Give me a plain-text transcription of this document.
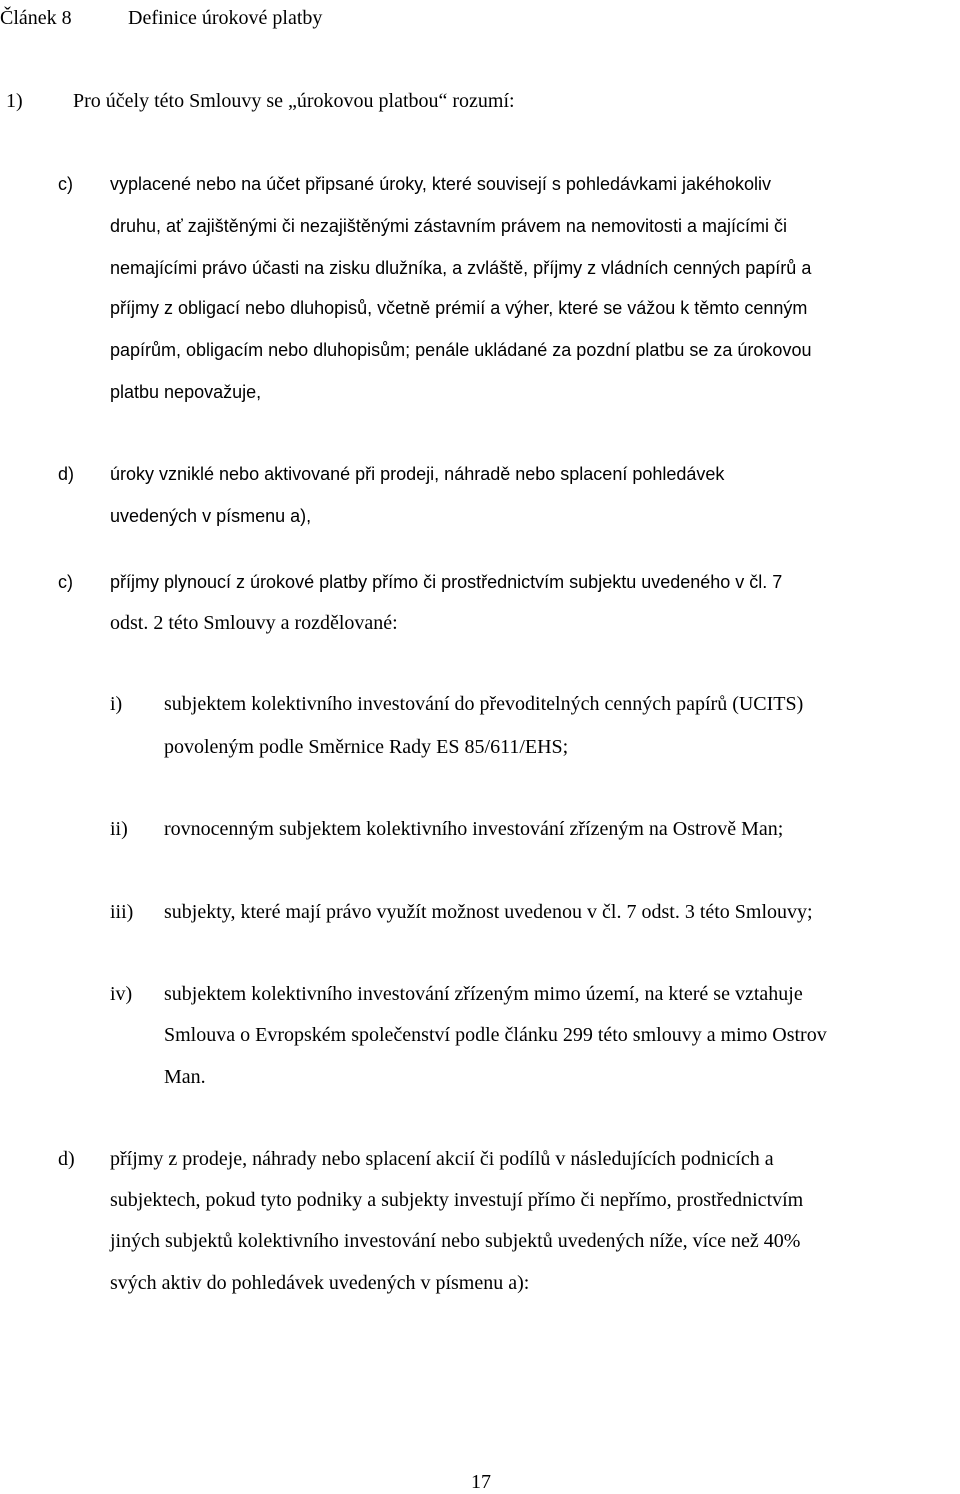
Článek 8	Definice úrokové platby
1)	Pro účely této Smlouvy se „úrokovou platbou“ rozumí:
c) vyplacené nebo na účet připsané úroky, které souvisejí s pohledávkami jakéhokoliv
druhu, ať zajištěnými či nezajištěnými zástavním právem na nemovitosti a majícími či
nemajícími právo účasti na zisku dlužníka, a zvláště, příjmy z vládních cenných papírů a
příjmy z obligací nebo dluhopisů, včetně prémií a výher, které se vážou k těmto cenným
papírům, obligacím nebo dluhopisům; penále ukládané za pozdní platbu se za úrokovou
platbu nepovažuje,
d) úroky vzniklé nebo aktivované při prodeji, náhradě nebo splacení pohledávek
uvedených v písmenu a),
c) příjmy plynoucí z úrokové platby přímo či prostřednictvím subjektu uvedeného v čl. 7
odst. 2 této Smlouvy a rozdělované:
i) subjektem kolektivního investování do převoditelných cenných papírů (UCITS)
povoleným podle Směrnice Rady ES 85/611/EHS;
ii) rovnocenným subjektem kolektivního investování zřízeným na Ostrově Man;
iii) subjekty, které mají právo využít možnost uvedenou v čl. 7 odst. 3 této Smlouvy;
iv) subjektem kolektivního investování zřízeným mimo území, na které se vztahuje
Smlouva o Evropském společenství podle článku 299 této smlouvy a mimo Ostrov
Man.
d) příjmy z prodeje, náhrady nebo splacení akcií či podílů v následujících podnicích a
subjektech, pokud tyto podniky a subjekty investují přímo či nepřímo, prostřednictvím
jiných subjektů kolektivního investování nebo subjektů uvedených níže, více než 40%
svých aktiv do pohledávek uvedených v písmenu a):
17
